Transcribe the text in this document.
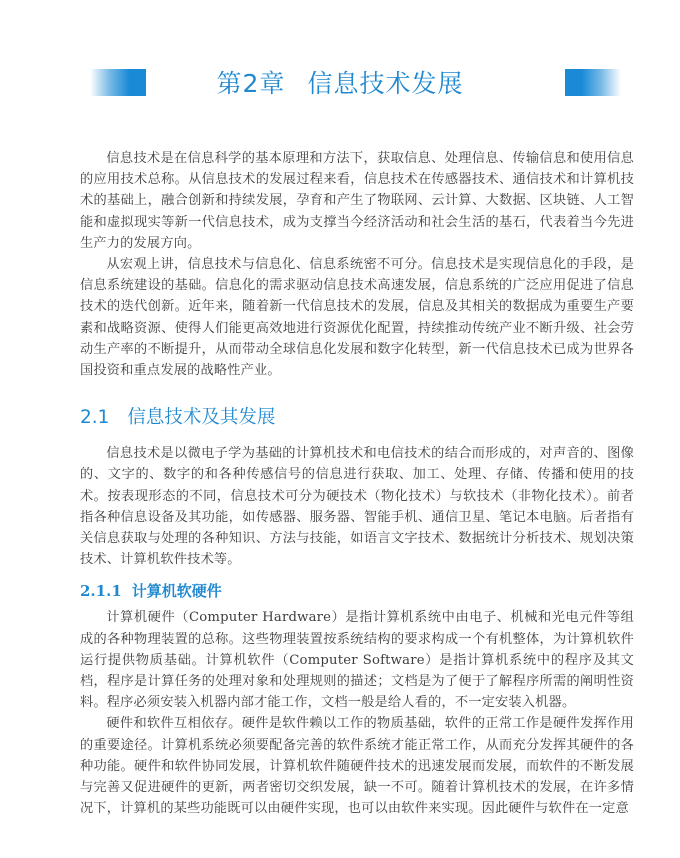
第2章 信息技术发展

信息技术是在信息科学的基本原理和方法下，获取信息、处理信息、传输信息和使用信息的应用技术总称。从信息技术的发展过程来看，信息技术在传感器技术、通信技术和计算机技术的基础上，融合创新和持续发展，孕育和产生了物联网、云计算、大数据、区块链、人工智能和虚拟现实等新一代信息技术，成为支撑当今经济活动和社会生活的基石，代表着当今先进生产力的发展方向。

从宏观上讲，信息技术与信息化、信息系统密不可分。信息技术是实现信息化的手段，是信息系统建设的基础。信息化的需求驱动信息技术高速发展，信息系统的广泛应用促进了信息技术的迭代创新。近年来，随着新一代信息技术的发展，信息及其相关的数据成为重要生产要素和战略资源、使得人们能更高效地进行资源优化配置，持续推动传统产业不断升级、社会劳动生产率的不断提升，从而带动全球信息化发展和数字化转型，新一代信息技术已成为世界各国投资和重点发展的战略性产业。

2.1 信息技术及其发展

信息技术是以微电子学为基础的计算机技术和电信技术的结合而形成的，对声音的、图像的、文字的、数字的和各种传感信号的信息进行获取、加工、处理、存储、传播和使用的技术。按表现形态的不同，信息技术可分为硬技术（物化技术）与软技术（非物化技术）。前者指各种信息设备及其功能，如传感器、服务器、智能手机、通信卫星、笔记本电脑。后者指有关信息获取与处理的各种知识、方法与技能，如语言文字技术、数据统计分析技术、规划决策技术、计算机软件技术等。

2.1.1 计算机软硬件

计算机硬件（Computer Hardware）是指计算机系统中由电子、机械和光电元件等组成的各种物理装置的总称。这些物理装置按系统结构的要求构成一个有机整体，为计算机软件运行提供物质基础。计算机软件（Computer Software）是指计算机系统中的程序及其文档，程序是计算任务的处理对象和处理规则的描述；文档是为了便于了解程序所需的阐明性资料。程序必须安装入机器内部才能工作，文档一般是给人看的，不一定安装入机器。

硬件和软件互相依存。硬件是软件赖以工作的物质基础，软件的正常工作是硬件发挥作用的重要途径。计算机系统必须要配备完善的软件系统才能正常工作，从而充分发挥其硬件的各种功能。硬件和软件协同发展，计算机软件随硬件技术的迅速发展而发展，而软件的不断发展与完善又促进硬件的更新，两者密切交织发展，缺一不可。随着计算机技术的发展，在许多情况下，计算机的某些功能既可以由硬件实现，也可以由软件来实现。因此硬件与软件在一定意
